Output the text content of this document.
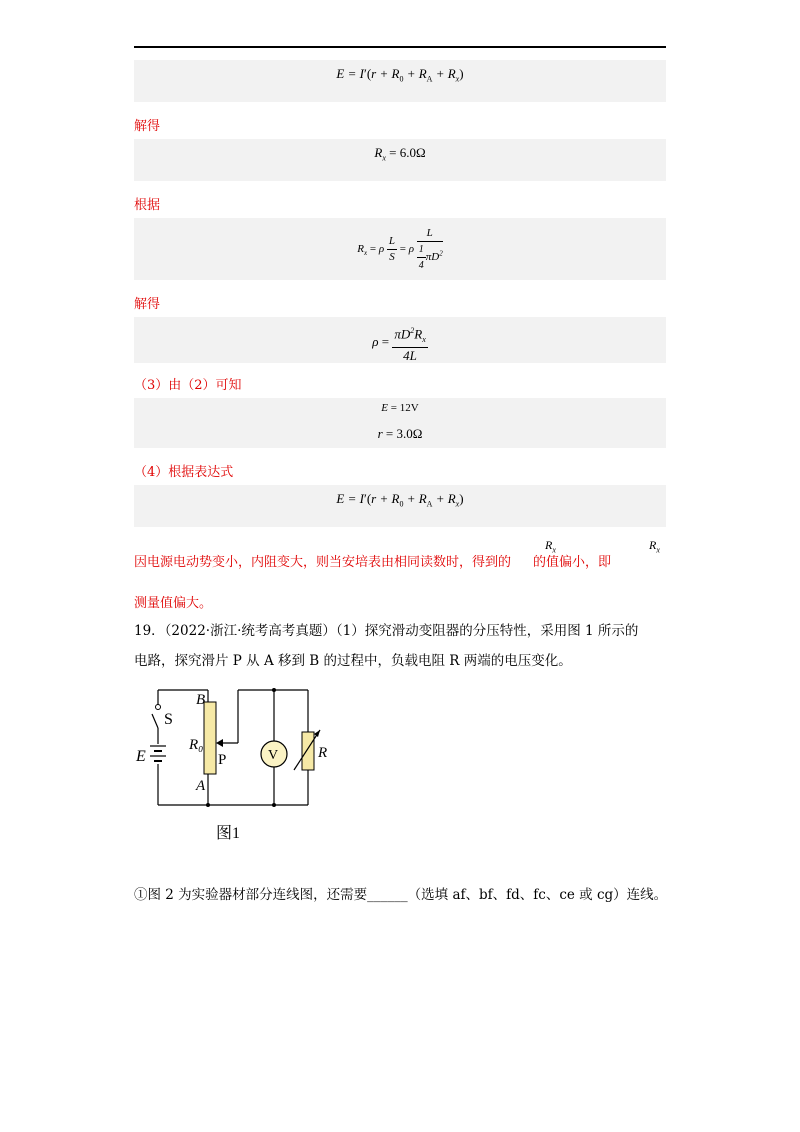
$E = I'(r + R_0 + R_A + R_x)$
解得
$R_x = 6.0\Omega$
根据
$R_x = \rho \frac{L}{S} = \rho \frac{L}{\frac{1}{4} \pi D^2}$
解得
$\rho = \frac{\pi D^2R_x}{4L}$
（3）由（2）可知
E = 12V
r = 3.0Ω
（4）根据表达式
$E = I'(r + R_0 + R_A + R_x)$
因电源电动势变小，内阻变大，则当安培表由相同读数时，得到的 的值偏小，即
$R_x$	$R_x$
测量值偏大。
19．（2022·浙江·统考高考真题）（1）探究滑动变阻器的分压特性，采用图 1 所示的
电路，探究滑片 P 从 A 移到 B 的过程中，负载电阻 R 两端的电压变化。
S
E
B
A
R₀
P	V	R
图1
①图 2 为实验器材部分连线图，还需要______（选填 af、bf、fd、fc、ce 或 cg）连线。
